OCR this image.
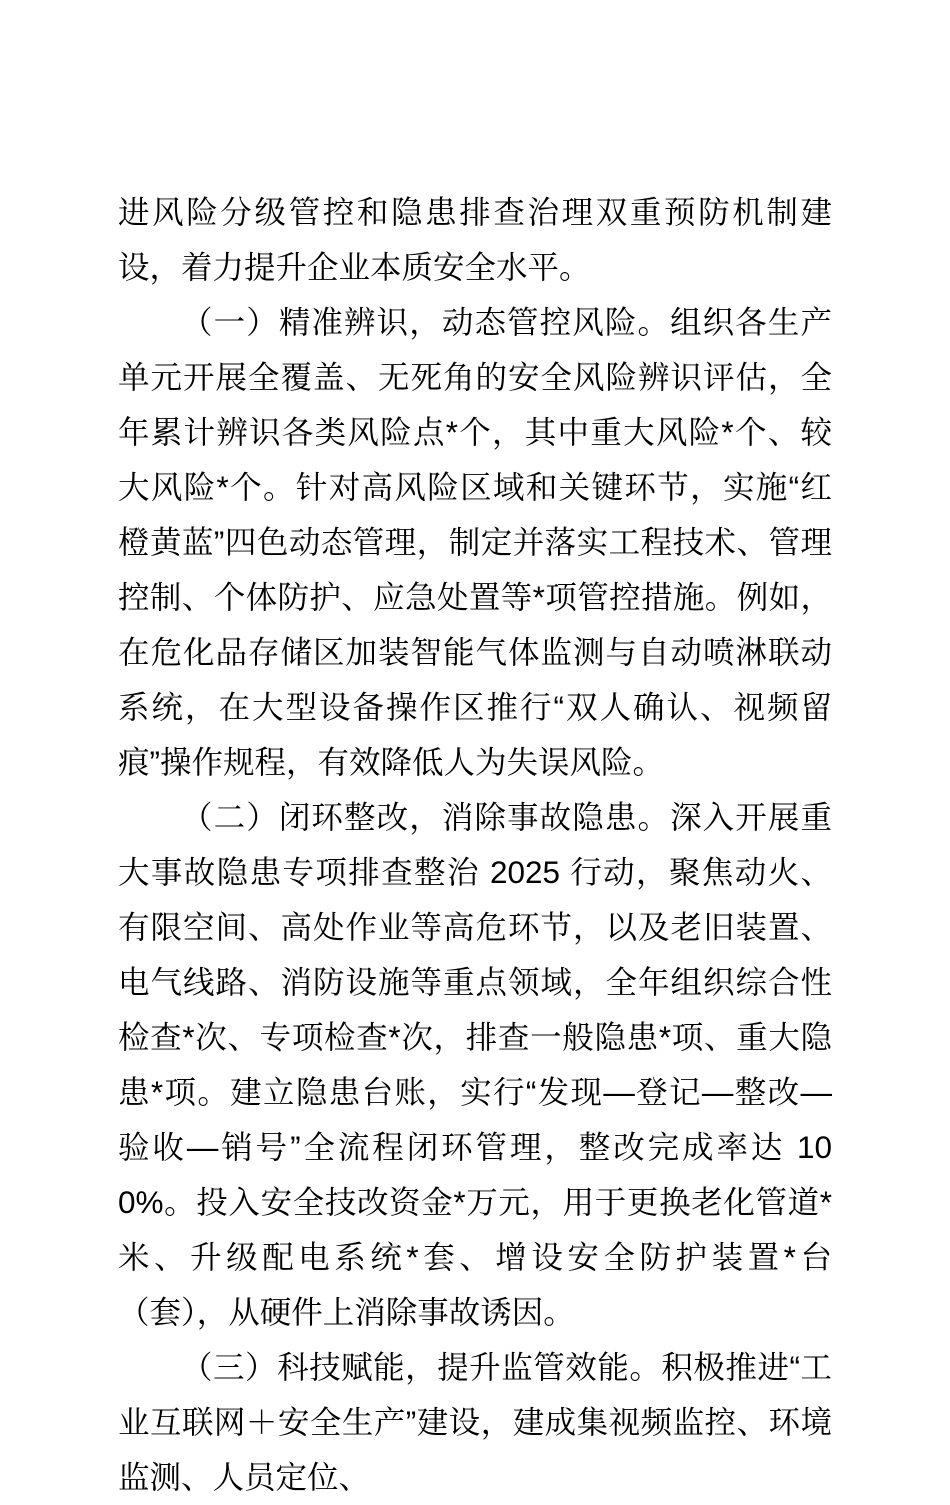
进风险分级管控和隐患排查治理双重预防机制建设，着力提升企业本质安全水平。

（一）精准辨识，动态管控风险。组织各生产单元开展全覆盖、无死角的安全风险辨识评估，全年累计辨识各类风险点*个，其中重大风险*个、较大风险*个。针对高风险区域和关键环节，实施“红橙黄蓝”四色动态管理，制定并落实工程技术、管理控制、个体防护、应急处置等*项管控措施。例如，在危化品存储区加装智能气体监测与自动喷淋联动系统，在大型设备操作区推行“双人确认、视频留痕”操作规程，有效降低人为失误风险。

（二）闭环整改，消除事故隐患。深入开展重大事故隐患专项排查整治 2025 行动，聚焦动火、有限空间、高处作业等高危环节，以及老旧装置、电气线路、消防设施等重点领域，全年组织综合性检查*次、专项检查*次，排查一般隐患*项、重大隐患*项。建立隐患台账，实行“发现—登记—整改—验收—销号”全流程闭环管理，整改完成率达 100%。投入安全技改资金*万元，用于更换老化管道*米、升级配电系统*套、增设安全防护装置*台（套），从硬件上消除事故诱因。

（三）科技赋能，提升监管效能。积极推进“工业互联网＋安全生产”建设，建成集视频监控、环境监测、人员定位、
